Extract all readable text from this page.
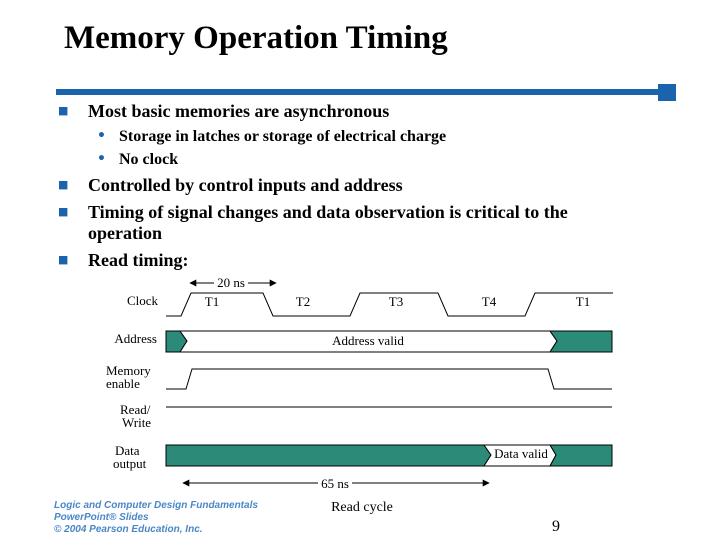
Memory Operation Timing
■ Most basic memories are asynchronous
• Storage in latches or storage of electrical charge
• No clock
■ Controlled by control inputs and address
■ Timing of signal changes and data observation is critical to the
operation
■ Read timing:
20 ns
Clock	T1	T2	T3	T4	T1
Address	Address valid
Memory
enable
Read/
Write
Data
output
Data valid
65 ns
Read cycle
Logic and Computer Design Fundamentals
PowerPoint® Slides
© 2004 Pearson Education, Inc.	9
